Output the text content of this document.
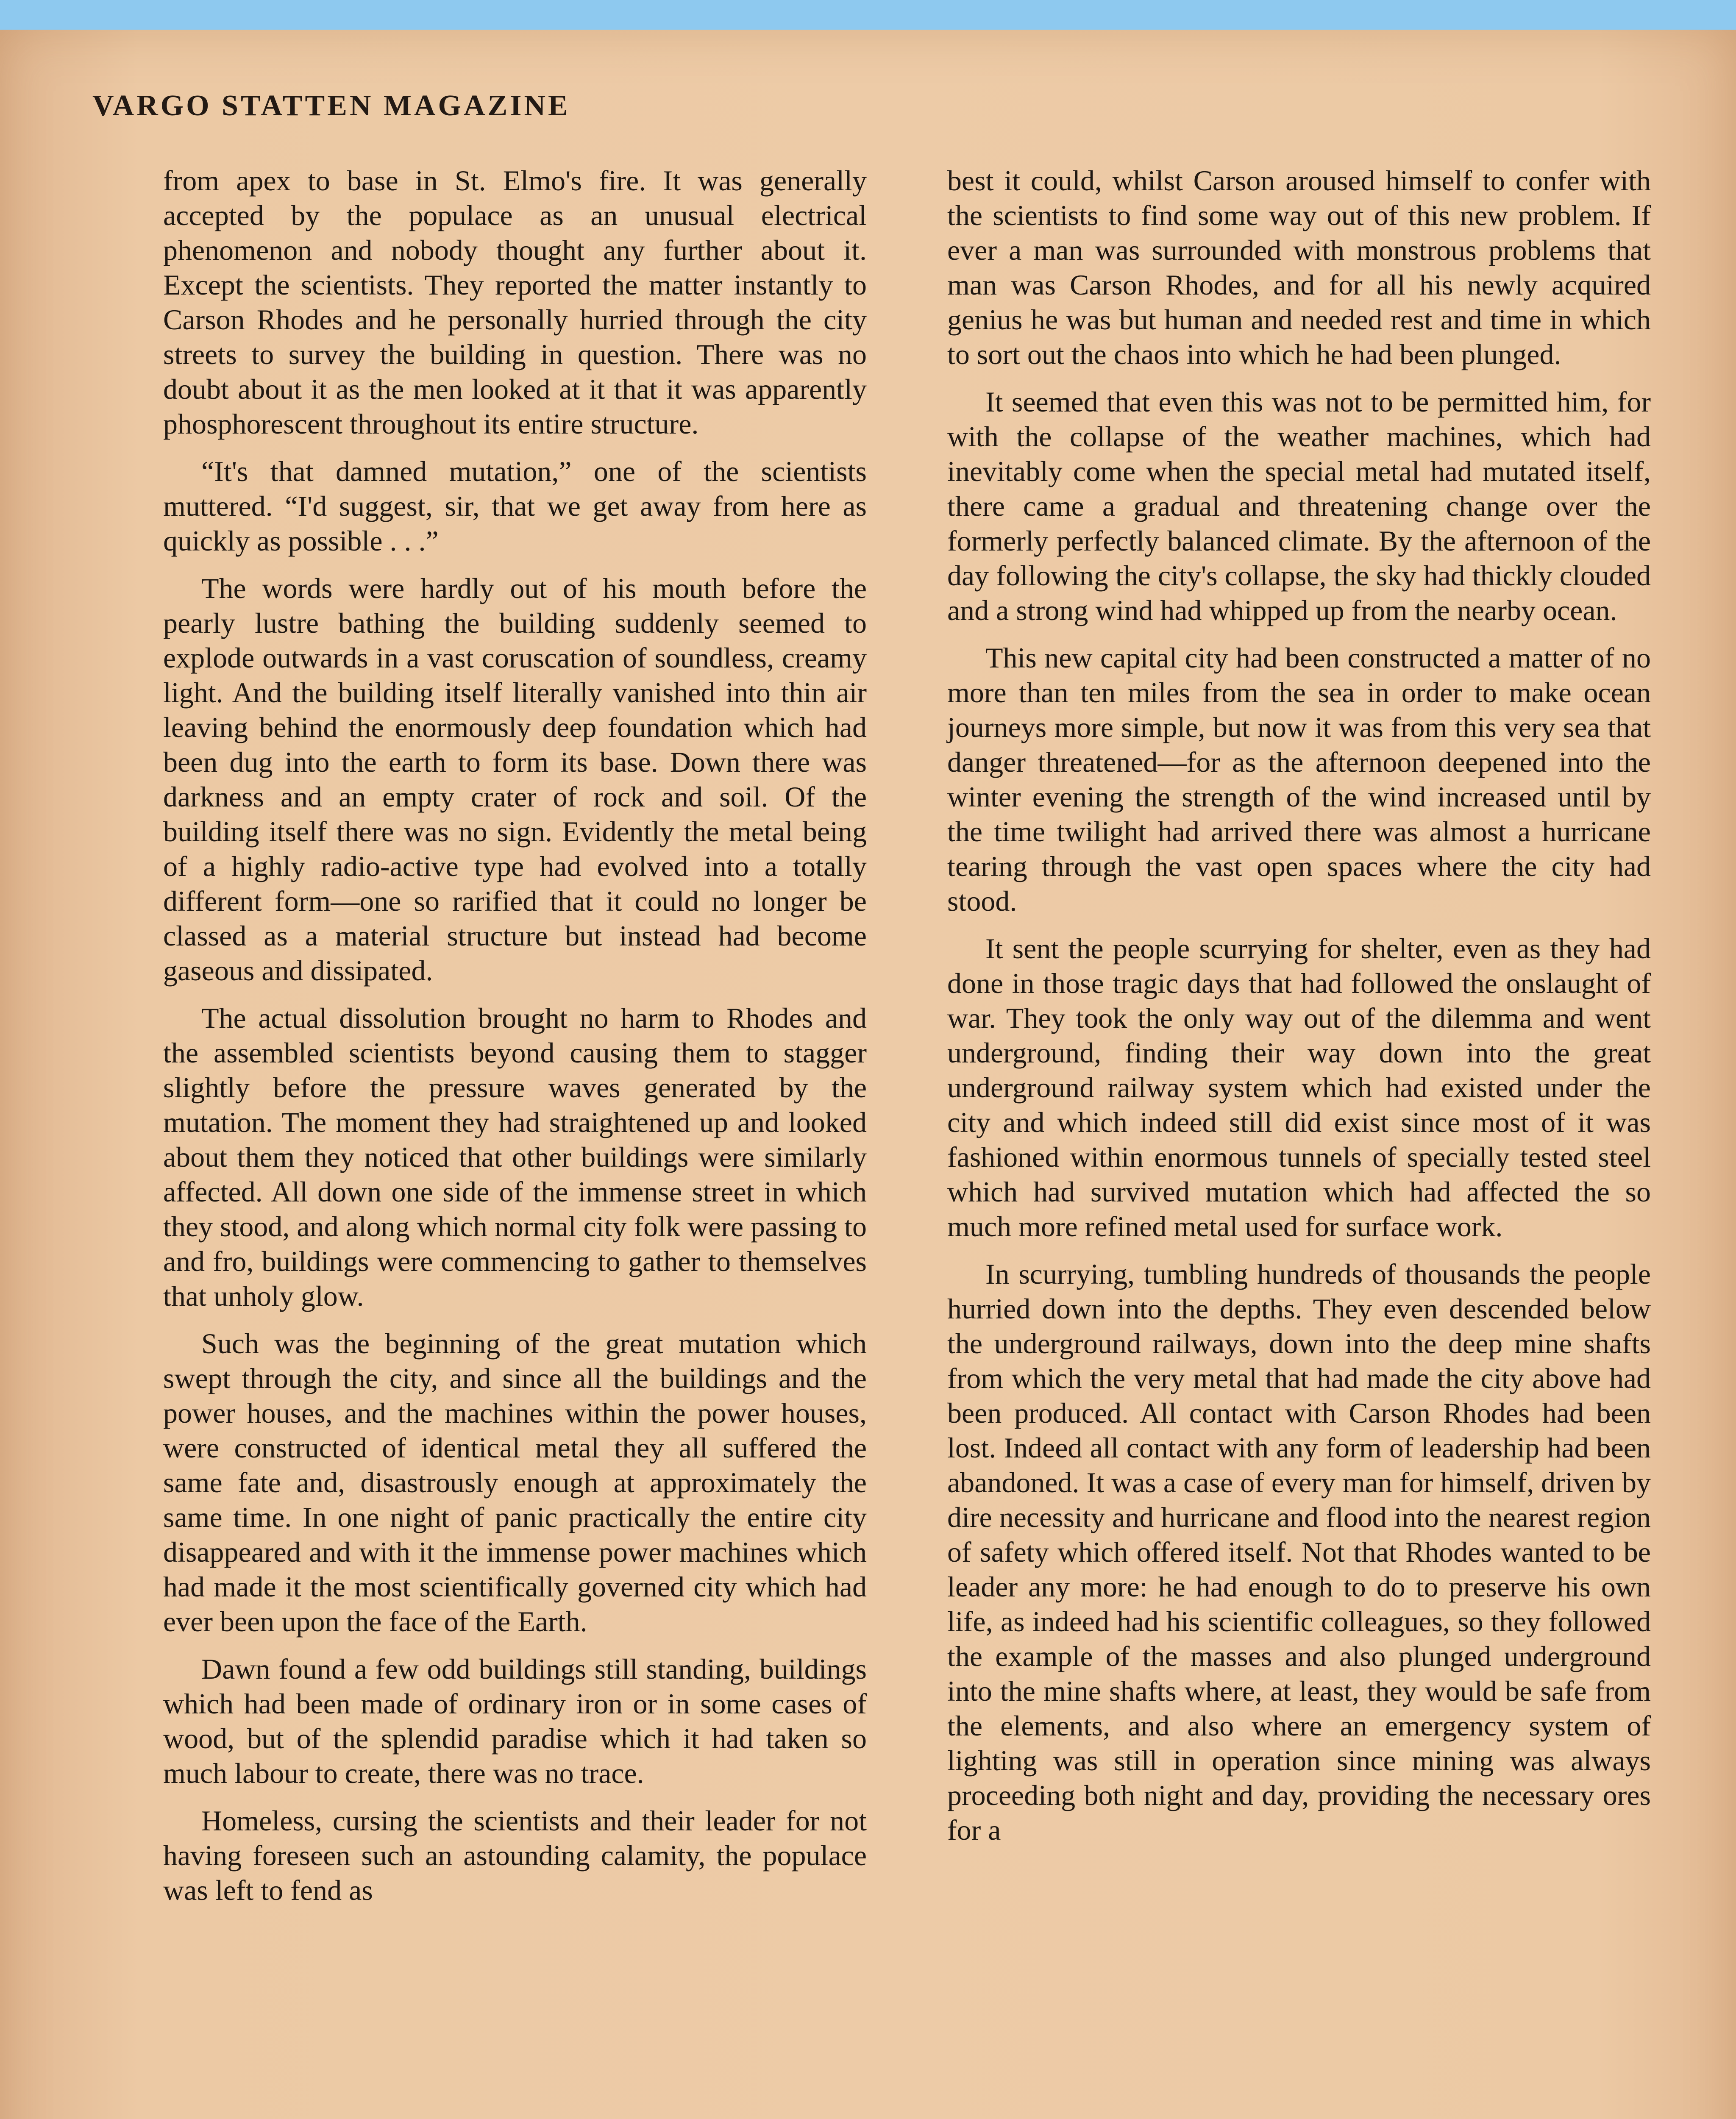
VARGO STATTEN MAGAZINE

from apex to base in St. Elmo's fire. It was generally accepted by the populace as an unusual electrical phenomenon and nobody thought any further about it. Except the scientists. They reported the matter instantly to Carson Rhodes and he personally hurried through the city streets to survey the building in question. There was no doubt about it as the men looked at it that it was apparently phosphorescent throughout its entire structure.

“It's that damned mutation,” one of the scientists muttered. “I'd suggest, sir, that we get away from here as quickly as possible . . .”

The words were hardly out of his mouth before the pearly lustre bathing the building suddenly seemed to explode outwards in a vast coruscation of soundless, creamy light. And the building itself literally vanished into thin air leaving behind the enormously deep foundation which had been dug into the earth to form its base. Down there was darkness and an empty crater of rock and soil. Of the building itself there was no sign. Evidently the metal being of a highly radio-active type had evolved into a totally different form—one so rarified that it could no longer be classed as a material structure but instead had become gaseous and dissipated.

The actual dissolution brought no harm to Rhodes and the assembled scientists beyond causing them to stagger slightly before the pressure waves generated by the mutation. The moment they had straightened up and looked about them they noticed that other buildings were similarly affected. All down one side of the immense street in which they stood, and along which normal city folk were passing to and fro, buildings were commencing to gather to themselves that unholy glow.

Such was the beginning of the great mutation which swept through the city, and since all the buildings and the power houses, and the machines within the power houses, were constructed of identical metal they all suffered the same fate and, disastrously enough at approximately the same time. In one night of panic practically the entire city disappeared and with it the immense power machines which had made it the most scientifically governed city which had ever been upon the face of the Earth.

Dawn found a few odd buildings still standing, buildings which had been made of ordinary iron or in some cases of wood, but of the splendid paradise which it had taken so much labour to create, there was no trace.

Homeless, cursing the scientists and their leader for not having foreseen such an astounding calamity, the populace was left to fend as

best it could, whilst Carson aroused himself to confer with the scientists to find some way out of this new problem. If ever a man was surrounded with monstrous problems that man was Carson Rhodes, and for all his newly acquired genius he was but human and needed rest and time in which to sort out the chaos into which he had been plunged.

It seemed that even this was not to be permitted him, for with the collapse of the weather machines, which had inevitably come when the special metal had mutated itself, there came a gradual and threatening change over the formerly perfectly balanced climate. By the afternoon of the day following the city's collapse, the sky had thickly clouded and a strong wind had whipped up from the nearby ocean.

This new capital city had been constructed a matter of no more than ten miles from the sea in order to make ocean journeys more simple, but now it was from this very sea that danger threatened—for as the afternoon deepened into the winter evening the strength of the wind increased until by the time twilight had arrived there was almost a hurricane tearing through the vast open spaces where the city had stood.

It sent the people scurrying for shelter, even as they had done in those tragic days that had followed the onslaught of war. They took the only way out of the dilemma and went underground, finding their way down into the great underground railway system which had existed under the city and which indeed still did exist since most of it was fashioned within enormous tunnels of specially tested steel which had survived mutation which had affected the so much more refined metal used for surface work.

In scurrying, tumbling hundreds of thousands the people hurried down into the depths. They even descended below the underground railways, down into the deep mine shafts from which the very metal that had made the city above had been produced. All contact with Carson Rhodes had been lost. Indeed all contact with any form of leadership had been abandoned. It was a case of every man for himself, driven by dire necessity and hurricane and flood into the nearest region of safety which offered itself. Not that Rhodes wanted to be leader any more: he had enough to do to preserve his own life, as indeed had his scientific colleagues, so they followed the example of the masses and also plunged underground into the mine shafts where, at least, they would be safe from the elements, and also where an emergency system of lighting was still in operation since mining was always proceeding both night and day, providing the necessary ores for a
